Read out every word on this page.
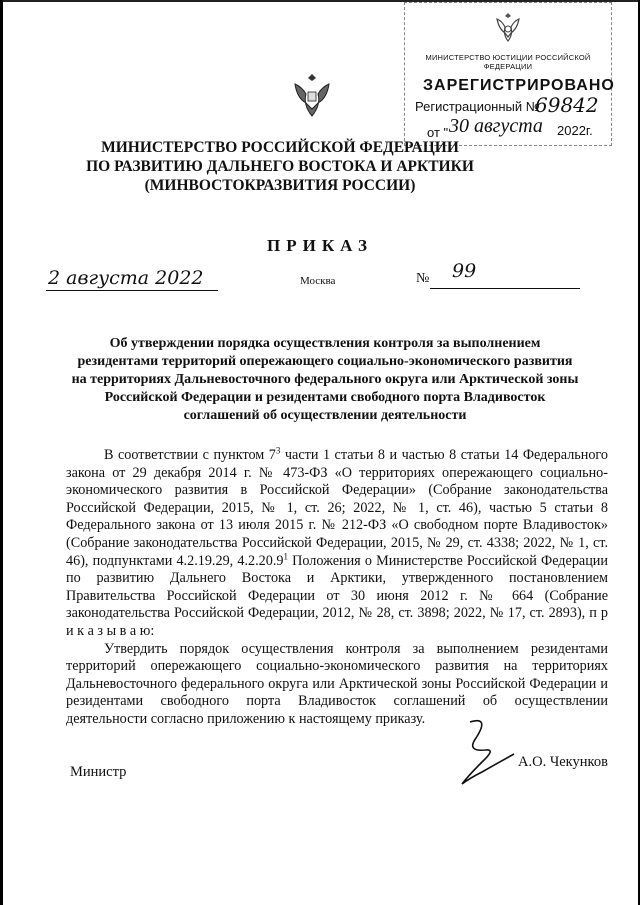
МИНИСТЕРСТВО ЮСТИЦИИ РОССИЙСКОЙ ФЕДЕРАЦИИ
ЗАРЕГИСТРИРОВАНО
Регистрационный №
69842
от " 30 августа 2022г.
МИНИСТЕРСТВО РОССИЙСКОЙ ФЕДЕРАЦИИ
ПО РАЗВИТИЮ ДАЛЬНЕГО ВОСТОКА И АРКТИКИ
(МИНВОСТОКРАЗВИТИЯ РОССИИ)
ПРИКАЗ
2 августа 2022	Москва	№ 99
Об утверждении порядка осуществления контроля за выполнением
резидентами территорий опережающего социально-экономического развития
на территориях Дальневосточного федерального округа или Арктической зоны
Российской Федерации и резидентами свободного порта Владивосток
соглашений об осуществлении деятельности

В соответствии с пунктом $7^3$ части 1 статьи 8 и частью 8 статьи 14 Федерального закона от 29 декабря 2014 г. № 473-ФЗ «О территориях опережающего социально-экономического развития в Российской Федерации» (Собрание законодательства Российской Федерации, 2015, № 1, ст. 26; 2022, № 1, ст. 46), частью 5 статьи 8 Федерального закона от 13 июля 2015 г. № 212-ФЗ «О свободном порте Владивосток» (Собрание законодательства Российской Федерации, 2015, № 29, ст. 4338; 2022, № 1, ст. 46), подпунктами 4.2.19.29, 4.2.20.9$^1$ Положения о Министерстве Российской Федерации по развитию Дальнего Востока и Арктики, утвержденного постановлением Правительства Российской Федерации от 30 июня 2012 г. № 664 (Собрание законодательства Российской Федерации, 2012, № 28, ст. 3898; 2022, № 17, ст. 2893), п р и к а з ы в а ю:

Утвердить порядок осуществления контроля за выполнением резидентами территорий опережающего социально-экономического развития на территориях Дальневосточного федерального округа или Арктической зоны Российской Федерации и резидентами свободного порта Владивосток соглашений об осуществлении деятельности согласно приложению к настоящему приказу.

Министр
А.О. Чекунков
